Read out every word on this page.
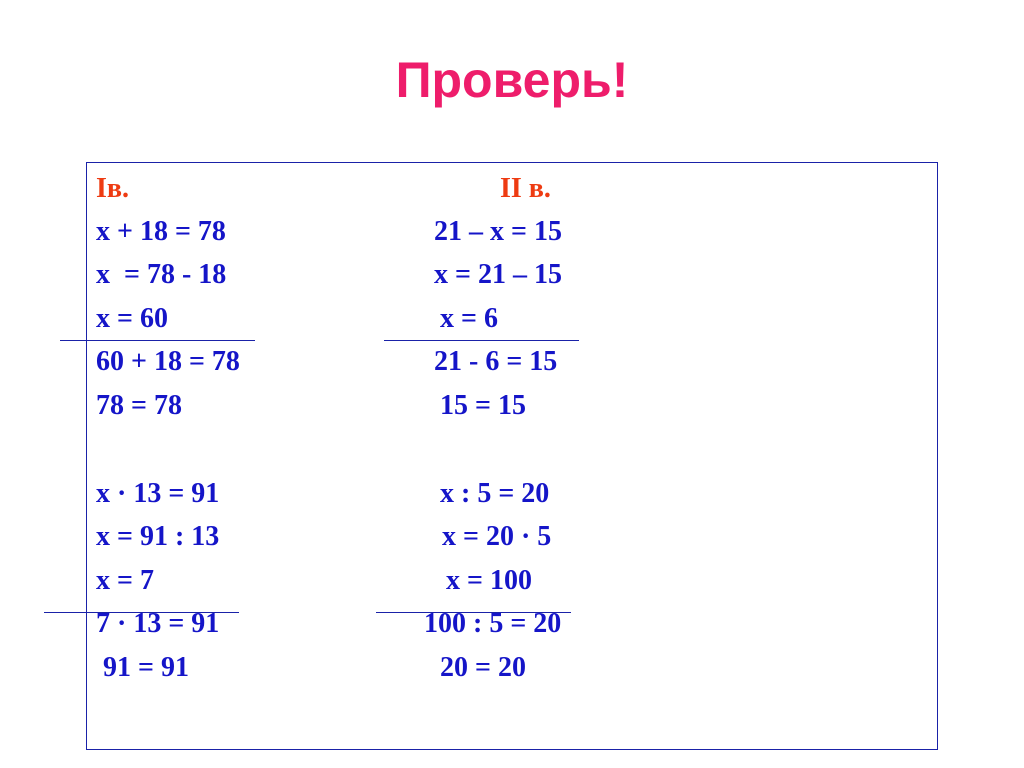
Проверь!
Iв.	II в.
x + 18 = 78
x  = 78 - 18
x = 60
60 + 18 = 78
78 = 78
21 – x = 15
x = 21 – 15
x = 6
21 - 6 = 15
15 = 15
x · 13 = 91
x = 91 : 13
x = 7
7 · 13 = 91
91 = 91
x : 5 = 20
x = 20 · 5
x = 100
100 : 5 = 20
20 = 20
